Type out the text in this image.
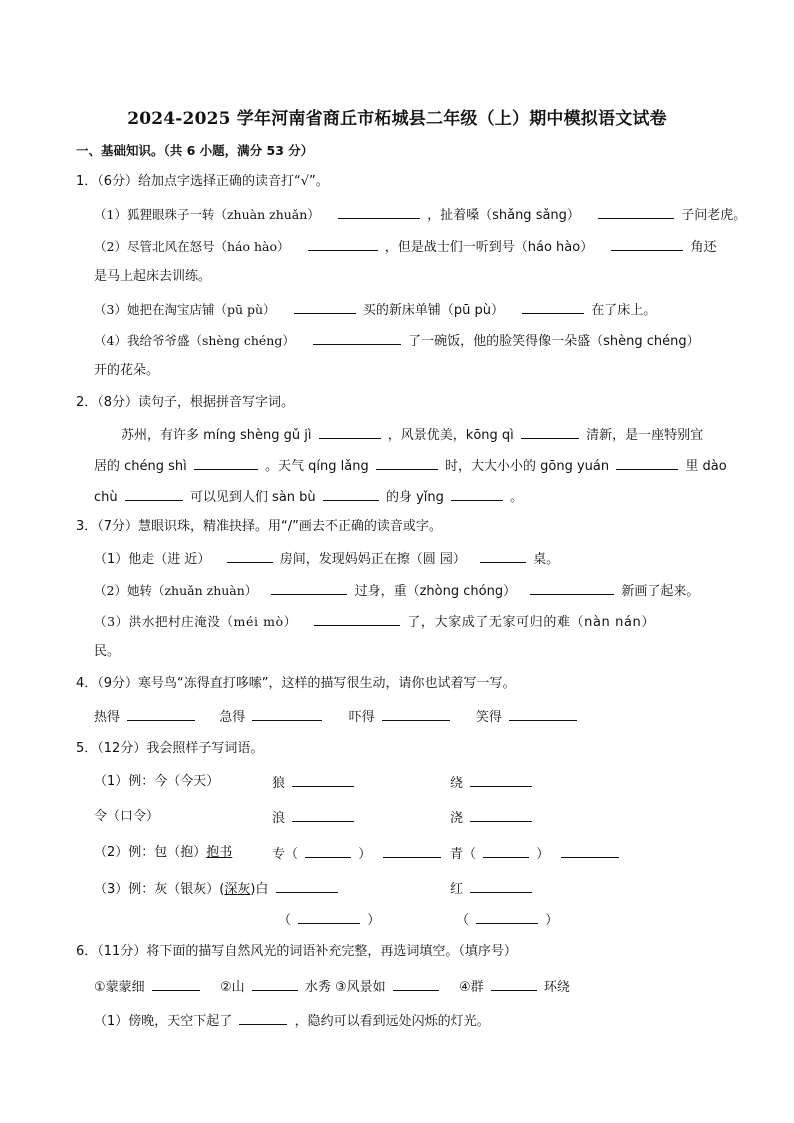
2024-2025 学年河南省商丘市柘城县二年级（上）期中模拟语文试卷
一、基础知识。（共 6 小题，满分 53 分）
1．（6分）给加点字选择正确的读音打“√”。
（1）狐狸眼珠子一转（zhuàn zhuǎn）	，扯着嗓（shǎng sǎng）	子问老虎。
（2）尽管北风在怒号（háo hào）	，但是战士们一听到号（háo hào）	角还
是马上起床去训练。
（3）她把在淘宝店铺（pū pù）	买的新床单铺（pū pù）	在了床上。
（4）我给爷爷盛（shèng chéng）	了一碗饭，他的脸笑得像一朵盛（shèng chéng）
开的花朵。
2．（8分）读句子，根据拼音写字词。
苏州，有许多 míng shèng gǔ jì	，风景优美，kōng qì	清新，是一座特别宜
居的 chéng shì	。天气 qíng lǎng	时，大大小小的 gōng yuán	里 dào
chù	可以见到人们 sàn bù	的身 yǐng	。
3．（7分）慧眼识珠，精准抉择。用“/”画去不正确的读音或字。
（1）他走（进 近）	房间，发现妈妈正在擦（圆 园）	桌。
（2）她转（zhuǎn zhuàn）	过身，重（zhòng chóng）	新画了起来。
（3）洪水把村庄淹没（méi mò）	了，大家成了无家可归的难（nàn nán）
民。
4．（9分）寒号鸟“冻得直打哆嗦”，这样的描写很生动，请你也试着写一写。
热得	急得	吓得	笑得
5．（12分）我会照样子写词语。
（1）例：今（今天）	狼	绕
令（口令）	浪	浇
（2）例：包（抱）抱书	专（	）	青（	）
（3）例：灰（银灰）(深灰)白	红
（	）	（	）
6．（11分）将下面的描写自然风光的词语补充完整，再选词填空。（填序号）
①蒙蒙细	②山	水秀 ③风景如	④群	环绕
（1）傍晚，天空下起了	，隐约可以看到远处闪烁的灯光。
